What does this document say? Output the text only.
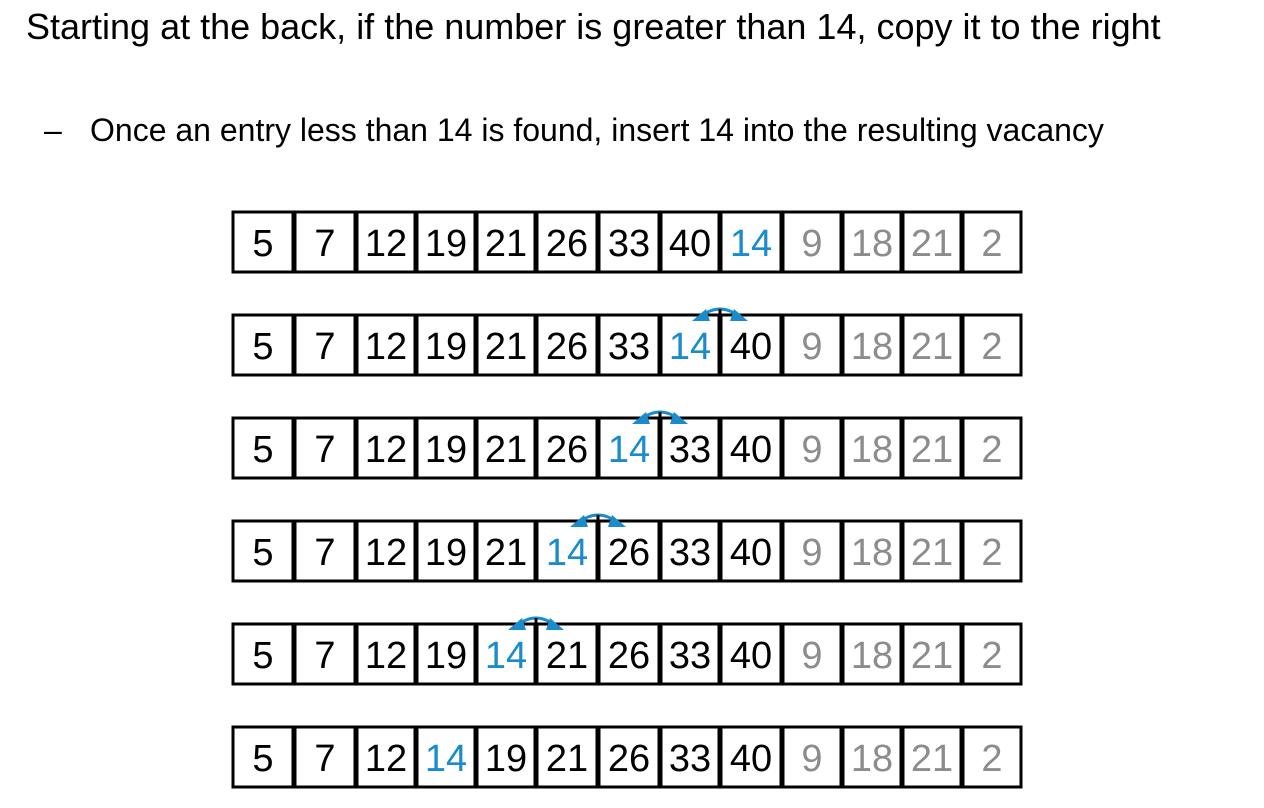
Starting at the back, if the number is greater than 14, copy it to the right

– Once an entry less than 14 is found, insert 14 into the resulting vacancy
5 7 12 19 21 26 33 40 14 9 18 21 2
5 7 12 19 21 26 33 14 40 9 18 21 2
5 7 12 19 21 26 14 33 40 9 18 21 2
5 7 12 19 21 14 26 33 40 9 18 21 2
5 7 12 19 14 21 26 33 40 9 18 21 2
5 7 12 14 19 21 26 33 40 9 18 21 2
